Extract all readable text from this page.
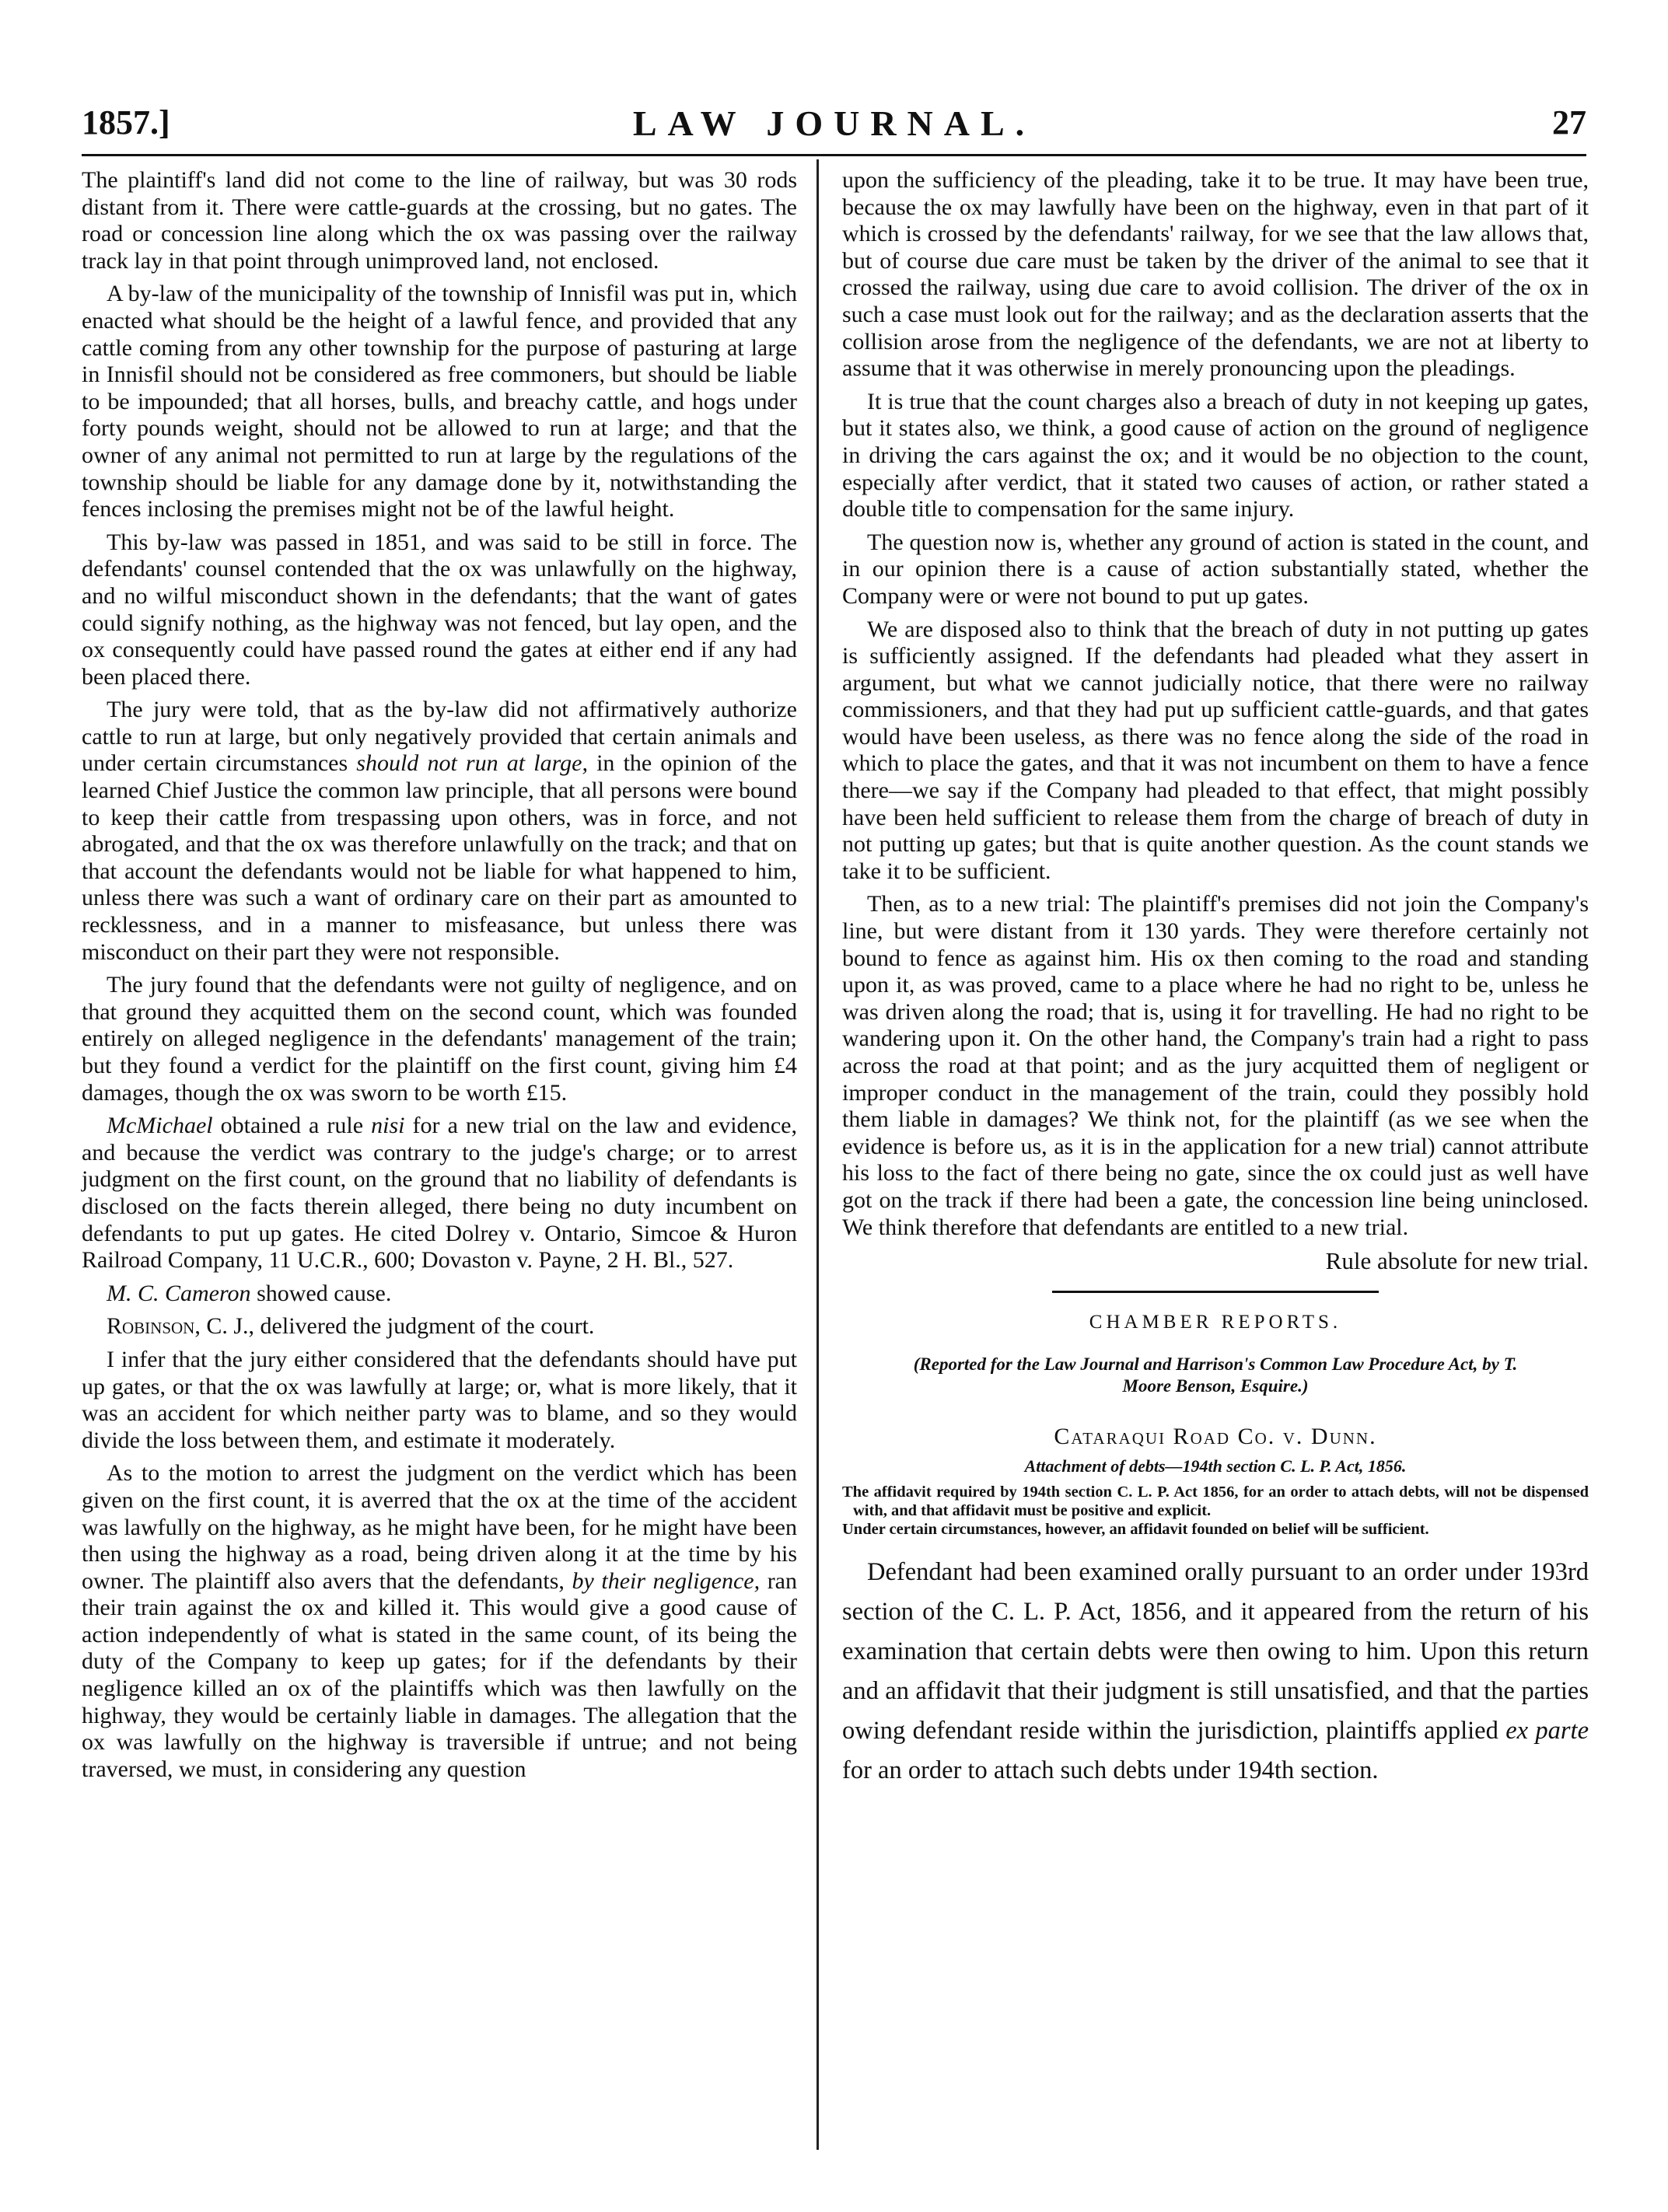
1857.]	LAW JOURNAL.	27

The plaintiff's land did not come to the line of railway, but was 30 rods distant from it. There were cattle-guards at the crossing, but no gates. The road or concession line along which the ox was passing over the railway track lay in that point through unimproved land, not enclosed.

A by-law of the municipality of the township of Innisfil was put in, which enacted what should be the height of a lawful fence, and provided that any cattle coming from any other township for the purpose of pasturing at large in Innisfil should not be considered as free commoners, but should be liable to be impounded; that all horses, bulls, and breachy cattle, and hogs under forty pounds weight, should not be allowed to run at large; and that the owner of any animal not permitted to run at large by the regulations of the township should be liable for any damage done by it, notwithstanding the fences inclosing the premises might not be of the lawful height.

This by-law was passed in 1851, and was said to be still in force. The defendants' counsel contended that the ox was unlawfully on the highway, and no wilful misconduct shown in the defendants; that the want of gates could signify nothing, as the highway was not fenced, but lay open, and the ox consequently could have passed round the gates at either end if any had been placed there.

The jury were told, that as the by-law did not affirmatively authorize cattle to run at large, but only negatively provided that certain animals and under certain circumstances should not run at large, in the opinion of the learned Chief Justice the common law principle, that all persons were bound to keep their cattle from trespassing upon others, was in force, and not abrogated, and that the ox was therefore unlawfully on the track; and that on that account the defendants would not be liable for what happened to him, unless there was such a want of ordinary care on their part as amounted to recklessness, and in a manner to misfeasance, but unless there was misconduct on their part they were not responsible.

The jury found that the defendants were not guilty of negligence, and on that ground they acquitted them on the second count, which was founded entirely on alleged negligence in the defendants' management of the train; but they found a verdict for the plaintiff on the first count, giving him £4 damages, though the ox was sworn to be worth £15.

McMichael obtained a rule nisi for a new trial on the law and evidence, and because the verdict was contrary to the judge's charge; or to arrest judgment on the first count, on the ground that no liability of defendants is disclosed on the facts therein alleged, there being no duty incumbent on defendants to put up gates. He cited Dolrey v. Ontario, Simcoe & Huron Railroad Company, 11 U.C.R., 600; Dovaston v. Payne, 2 H. Bl., 527.

M. C. Cameron showed cause.

Robinson, C. J., delivered the judgment of the court.

I infer that the jury either considered that the defendants should have put up gates, or that the ox was lawfully at large; or, what is more likely, that it was an accident for which neither party was to blame, and so they would divide the loss between them, and estimate it moderately.

As to the motion to arrest the judgment on the verdict which has been given on the first count, it is averred that the ox at the time of the accident was lawfully on the highway, as he might have been, for he might have been then using the highway as a road, being driven along it at the time by his owner. The plaintiff also avers that the defendants, by their negligence, ran their train against the ox and killed it. This would give a good cause of action independently of what is stated in the same count, of its being the duty of the Company to keep up gates; for if the defendants by their negligence killed an ox of the plaintiffs which was then lawfully on the highway, they would be certainly liable in damages. The allegation that the ox was lawfully on the highway is traversible if untrue; and not being traversed, we must, in considering any question

upon the sufficiency of the pleading, take it to be true. It may have been true, because the ox may lawfully have been on the highway, even in that part of it which is crossed by the defendants' railway, for we see that the law allows that, but of course due care must be taken by the driver of the animal to see that it crossed the railway, using due care to avoid collision. The driver of the ox in such a case must look out for the railway; and as the declaration asserts that the collision arose from the negligence of the defendants, we are not at liberty to assume that it was otherwise in merely pronouncing upon the pleadings.

It is true that the count charges also a breach of duty in not keeping up gates, but it states also, we think, a good cause of action on the ground of negligence in driving the cars against the ox; and it would be no objection to the count, especially after verdict, that it stated two causes of action, or rather stated a double title to compensation for the same injury.

The question now is, whether any ground of action is stated in the count, and in our opinion there is a cause of action substantially stated, whether the Company were or were not bound to put up gates.

We are disposed also to think that the breach of duty in not putting up gates is sufficiently assigned. If the defendants had pleaded what they assert in argument, but what we cannot judicially notice, that there were no railway commissioners, and that they had put up sufficient cattle-guards, and that gates would have been useless, as there was no fence along the side of the road in which to place the gates, and that it was not incumbent on them to have a fence there—we say if the Company had pleaded to that effect, that might possibly have been held sufficient to release them from the charge of breach of duty in not putting up gates; but that is quite another question. As the count stands we take it to be sufficient.

Then, as to a new trial: The plaintiff's premises did not join the Company's line, but were distant from it 130 yards. They were therefore certainly not bound to fence as against him. His ox then coming to the road and standing upon it, as was proved, came to a place where he had no right to be, unless he was driven along the road; that is, using it for travelling. He had no right to be wandering upon it. On the other hand, the Company's train had a right to pass across the road at that point; and as the jury acquitted them of negligent or improper conduct in the management of the train, could they possibly hold them liable in damages? We think not, for the plaintiff (as we see when the evidence is before us, as it is in the application for a new trial) cannot attribute his loss to the fact of there being no gate, since the ox could just as well have got on the track if there had been a gate, the concession line being uninclosed. We think therefore that defendants are entitled to a new trial.

Rule absolute for new trial.
CHAMBER REPORTS.
(Reported for the Law Journal and Harrison's Common Law Procedure Act, by T. Moore Benson, Esquire.)
Cataraqui Road Co. v. Dunn.
Attachment of debts—194th section C. L. P. Act, 1856.
The affidavit required by 194th section C. L. P. Act 1856, for an order to attach debts, will not be dispensed with, and that affidavit must be positive and explicit.
Under certain circumstances, however, an affidavit founded on belief will be sufficient.

Defendant had been examined orally pursuant to an order under 193rd section of the C. L. P. Act, 1856, and it appeared from the return of his examination that certain debts were then owing to him. Upon this return and an affidavit that their judgment is still unsatisfied, and that the parties owing defendant reside within the jurisdiction, plaintiffs applied ex parte for an order to attach such debts under 194th section.
